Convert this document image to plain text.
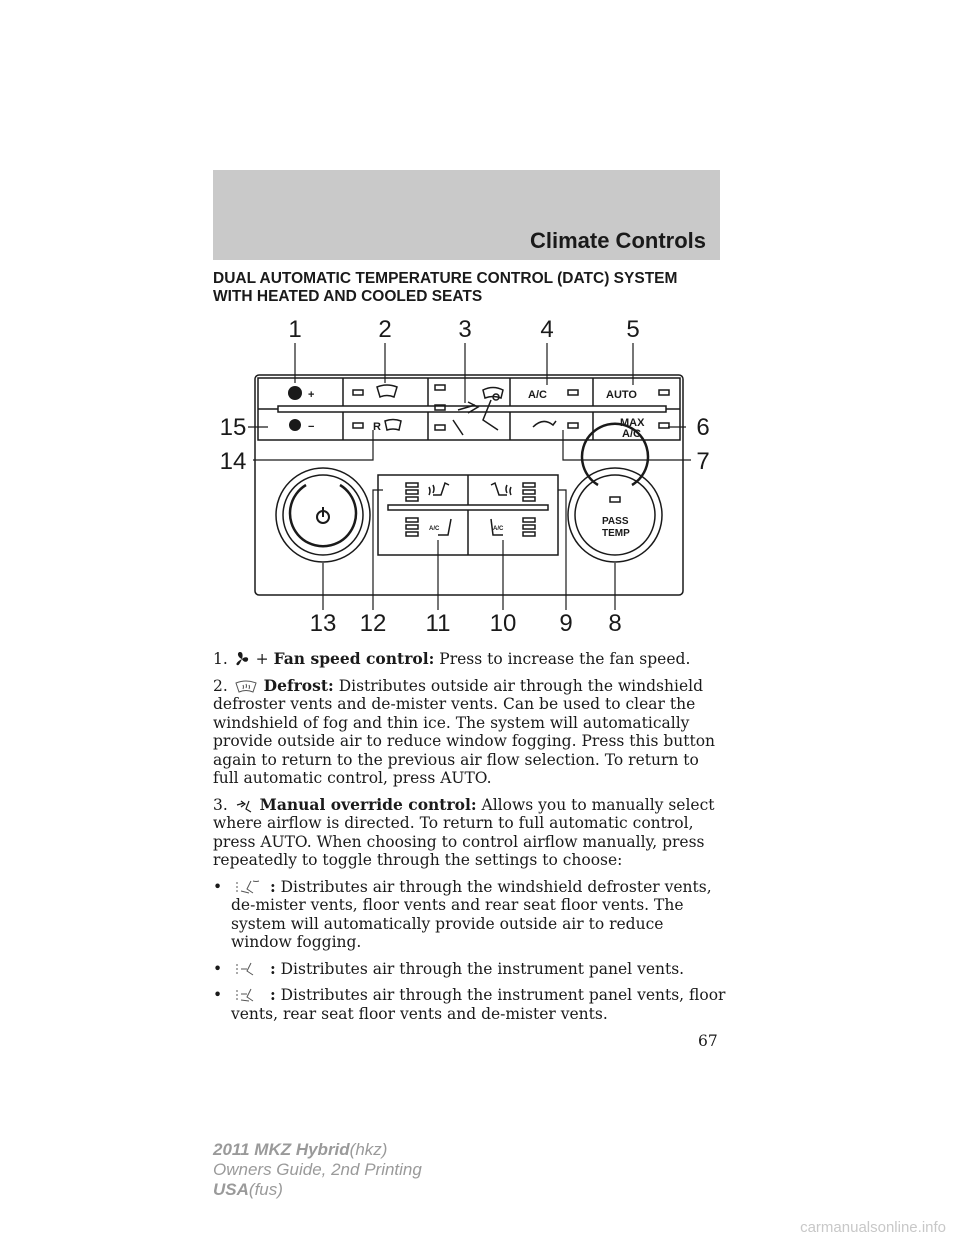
Climate Controls
DUAL AUTOMATIC TEMPERATURE CONTROL (DATC) SYSTEM
WITH HEATED AND COOLED SEATS
+
−	R
A/C	AUTO
MAX
A/C
PASS
TEMP
A/C	A/C
1	2	3	4	5
15
14
6
7
13 12 11 10 9 8

1. + Fan speed control: Press to increase the fan speed.

2. Defrost: Distributes outside air through the windshield defroster vents and de-mister vents. Can be used to clear the windshield of fog and thin ice. The system will automatically provide outside air to reduce window fogging. Press this button again to return to the previous air flow selection. To return to full automatic control, press AUTO.

3. Manual override control: Allows you to manually select where airflow is directed. To return to full automatic control, press AUTO. When choosing to control airflow manually, press repeatedly to toggle through the settings to choose:

•	: Distributes air through the windshield defroster vents, de-mister vents, floor vents and rear seat floor vents. The system will automatically provide outside air to reduce window fogging.
•	: Distributes air through the instrument panel vents.
•	: Distributes air through the instrument panel vents, floor vents, rear seat floor vents and de-mister vents.
67
2011 MKZ Hybrid(hkz)
Owners Guide, 2nd Printing
USA(fus)
carmanualsonline.info
